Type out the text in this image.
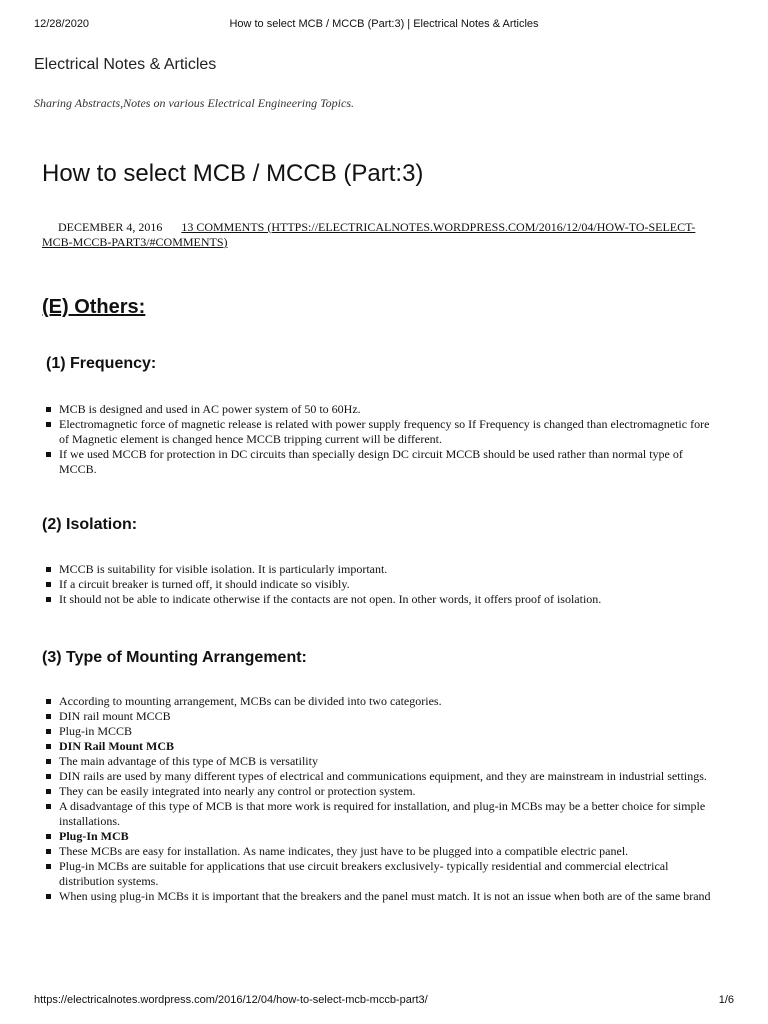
12/28/2020	How to select MCB / MCCB (Part:3) | Electrical Notes & Articles
Electrical Notes & Articles
Sharing Abstracts,Notes on various Electrical Engineering Topics.
How to select MCB / MCCB (Part:3)
DECEMBER 4, 2016 13 COMMENTS (HTTPS://ELECTRICALNOTES.WORDPRESS.COM/2016/12/04/HOW-TO-SELECT-MCB-MCCB-PART3/#COMMENTS)
(E) Others:
(1) Frequency:
MCB is designed and used in AC power system of 50 to 60Hz.
Electromagnetic force of magnetic release is related with power supply frequency so If Frequency is changed than electromagnetic fore of Magnetic element is changed hence MCCB tripping current will be different.
If we used MCCB for protection in DC circuits than specially design DC circuit MCCB should be used rather than normal type of MCCB.
(2) Isolation:
MCCB is suitability for visible isolation. It is particularly important.
If a circuit breaker is turned off, it should indicate so visibly.
It should not be able to indicate otherwise if the contacts are not open. In other words, it offers proof of isolation.
(3) Type of Mounting Arrangement:
According to mounting arrangement, MCBs can be divided into two categories.
DIN rail mount MCCB
Plug-in MCCB
DIN Rail Mount MCB
The main advantage of this type of MCB is versatility
DIN rails are used by many different types of electrical and communications equipment, and they are mainstream in industrial settings.
They can be easily integrated into nearly any control or protection system.
A disadvantage of this type of MCB is that more work is required for installation, and plug-in MCBs may be a better choice for simple installations.
Plug-In MCB
These MCBs are easy for installation. As name indicates, they just have to be plugged into a compatible electric panel.
Plug-in MCBs are suitable for applications that use circuit breakers exclusively- typically residential and commercial electrical distribution systems.
When using plug-in MCBs it is important that the breakers and the panel must match. It is not an issue when both are of the same brand
https://electricalnotes.wordpress.com/2016/12/04/how-to-select-mcb-mccb-part3/	1/6
